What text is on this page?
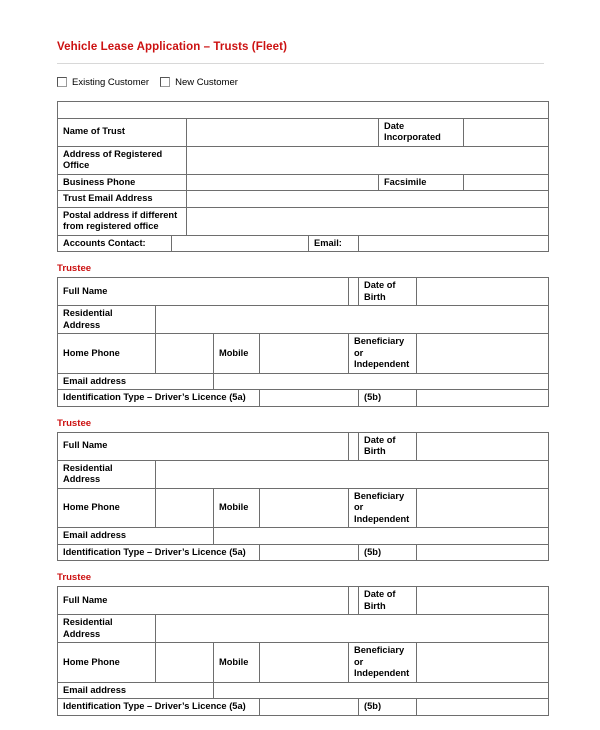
Vehicle Lease Application – Trusts (Fleet)
Existing Customer	New Customer
Trust Details			
Name of Trust		Date Incorporated	
Address of Registered Office			
Business Phone		Facsimile	
Trust Email Address	
Postal address if different from registered office	
Accounts Contact:		Email:	
Trustee
Full Name					Date of Birth	
Residential Address						
Home Phone		Mobile		Beneficiary or Independent		
Email address						
Identification Type – Driver’s Licence (5a)					(5b)	
Trustee
Full Name					Date of Birth	
Residential Address						
Home Phone		Mobile		Beneficiary or Independent		
Email address						
Identification Type – Driver’s Licence (5a)					(5b)	
Trustee
Full Name					Date of Birth	
Residential Address						
Home Phone		Mobile		Beneficiary or Independent		
Email address						
Identification Type – Driver’s Licence (5a)					(5b)	
